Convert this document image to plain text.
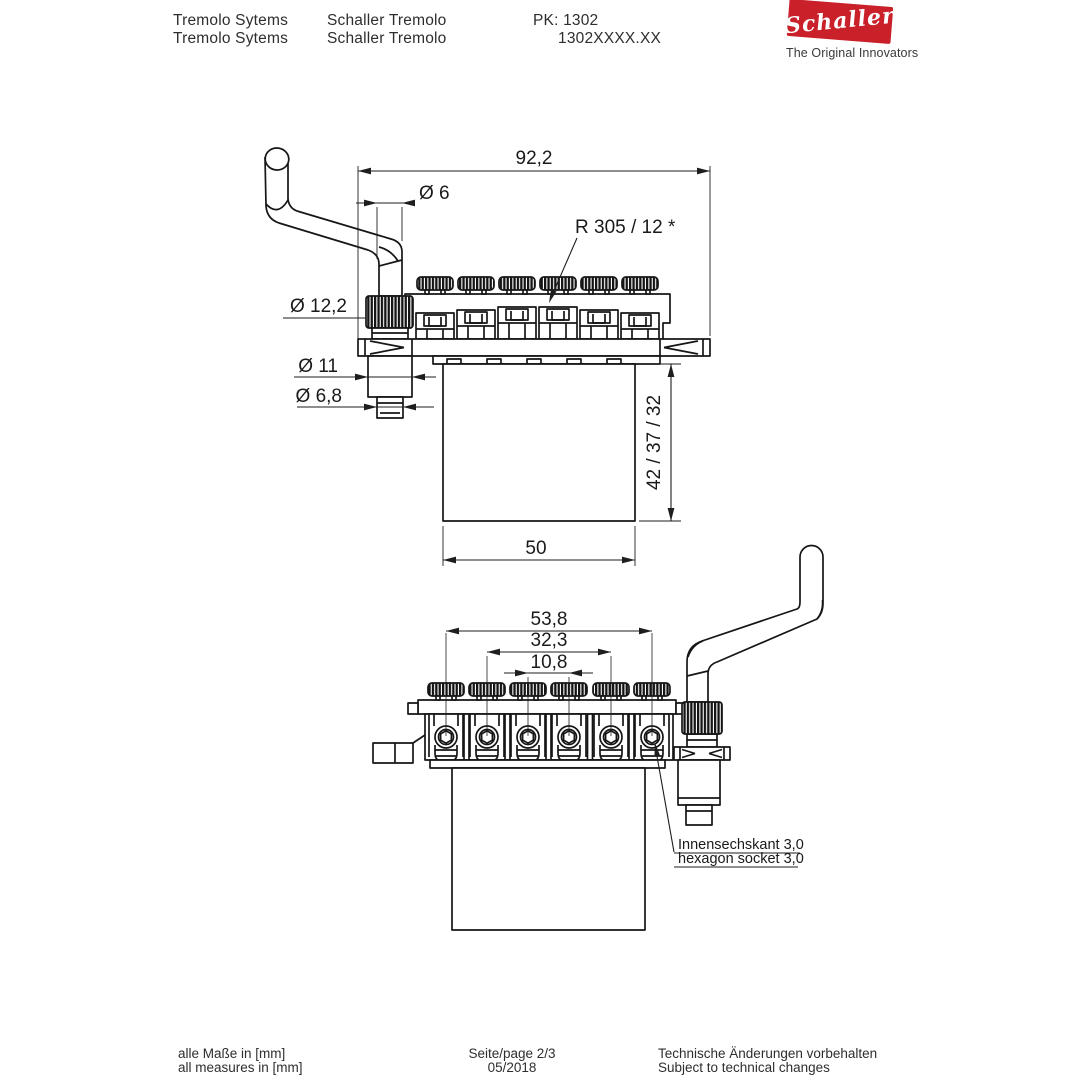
Tremolo Sytems
Tremolo Sytems
Schaller Tremolo
Schaller Tremolo
PK: 1302
1302XXXX.XX	Schaller
The Original Innovators
92,2
Ø 6
R 305 / 12 *
Ø 12,2
Ø 11
Ø 6,8	42 / 37 / 32
50
53,8
32,3
10,8
Innensechskant 3,0
hexagon socket 3,0
alle Maße in [mm]
all measures in [mm]
Seite/page 2/3
05/2018
Technische Änderungen vorbehalten
Subject to technical changes
